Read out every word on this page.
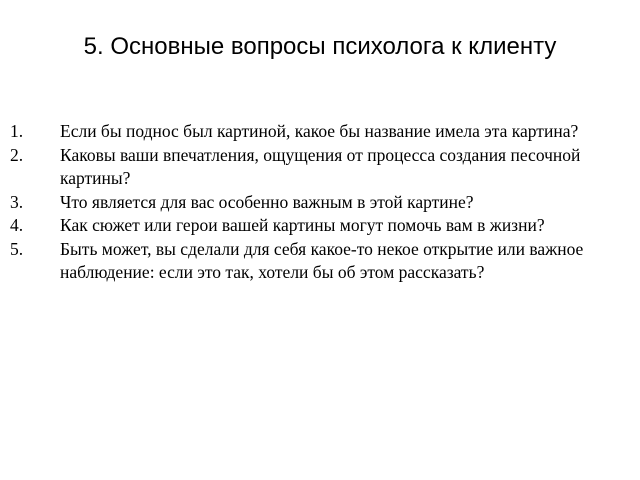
5. Основные вопросы психолога к клиенту
1. Если бы поднос был картиной, какое бы название имела эта картина?
2. Каковы ваши впечатления, ощущения от процесса создания песочной картины?
3. Что является для вас особенно важным в этой картине?
4. Как сюжет или герои вашей картины могут помочь вам в жизни?
5. Быть может, вы сделали для себя какое-то некое открытие или важное наблюдение: если это так, хотели бы об этом рассказать?
